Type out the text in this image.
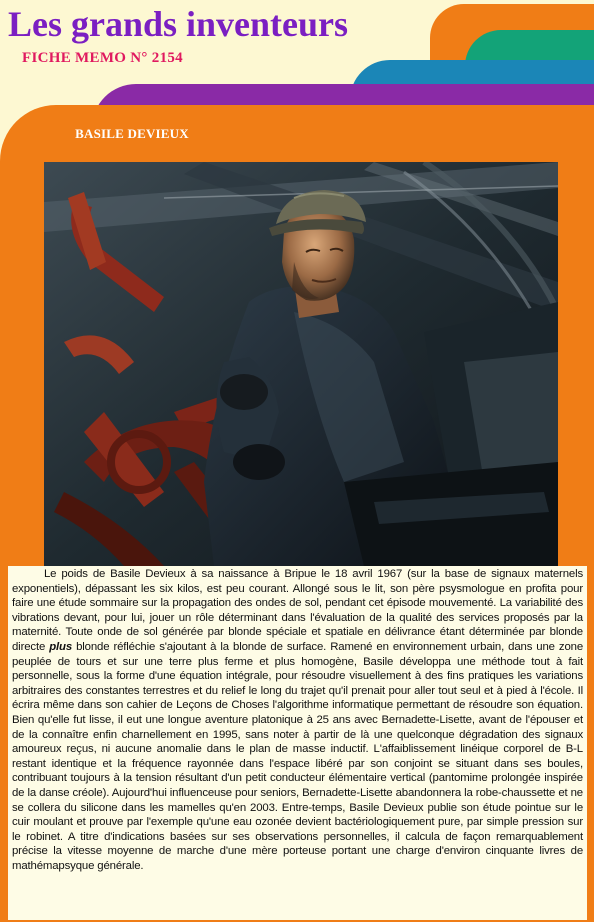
Les grands inventeurs
FICHE MEMO N° 2154
BASILE DEVIEUX

Le poids de Basile Devieux à sa naissance à Bripue le 18 avril 1967 (sur la base de signaux maternels exponentiels), dépassant les six kilos, est peu courant. Allongé sous le lit, son père psysmologue en profita pour faire une étude sommaire sur la propagation des ondes de sol, pendant cet épisode mouvementé. La variabilité des vibrations devant, pour lui, jouer un rôle déterminant dans l'évaluation de la qualité des services proposés par la maternité. Toute onde de sol générée par blonde spéciale et spatiale en délivrance étant déterminée par blonde directe plus blonde réfléchie s'ajoutant à la blonde de surface. Ramené en environnement urbain, dans une zone peuplée de tours et sur une terre plus ferme et plus homogène, Basile développa une méthode tout à fait personnelle, sous la forme d'une équation intégrale, pour résoudre visuellement à des fins pratiques les variations arbitraires des constantes terrestres et du relief le long du trajet qu'il prenait pour aller tout seul et à pied à l'école. Il écrira même dans son cahier de Leçons de Choses l'algorithme informatique permettant de résoudre son équation. Bien qu'elle fut lisse, il eut une longue aventure platonique à 25 ans avec Bernadette-Lisette, avant de l'épouser et de la connaître enfin charnellement en 1995, sans noter à partir de là une quelconque dégradation des signaux amoureux reçus, ni aucune anomalie dans le plan de masse inductif. L'affaiblissement linéique corporel de B-L restant identique et la fréquence rayonnée dans l'espace libéré par son conjoint se situant dans ses boules, contribuant toujours à la tension résultant d'un petit conducteur élémentaire vertical (pantomime prolongée inspirée de la danse créole). Aujourd'hui influenceuse pour seniors, Bernadette-Lisette abandonnera la robe-chaussette et ne se collera du silicone dans les mamelles qu'en 2003. Entre-temps, Basile Devieux publie son étude pointue sur le cuir moulant et prouve par l'exemple qu'une eau ozonée devient bactériologiquement pure, par simple pression sur le robinet. A titre d'indications basées sur ses observations personnelles, il calcula de façon remarquablement précise la vitesse moyenne de marche d'une mère porteuse portant une charge d'environ cinquante livres de mathémapsyque générale.
